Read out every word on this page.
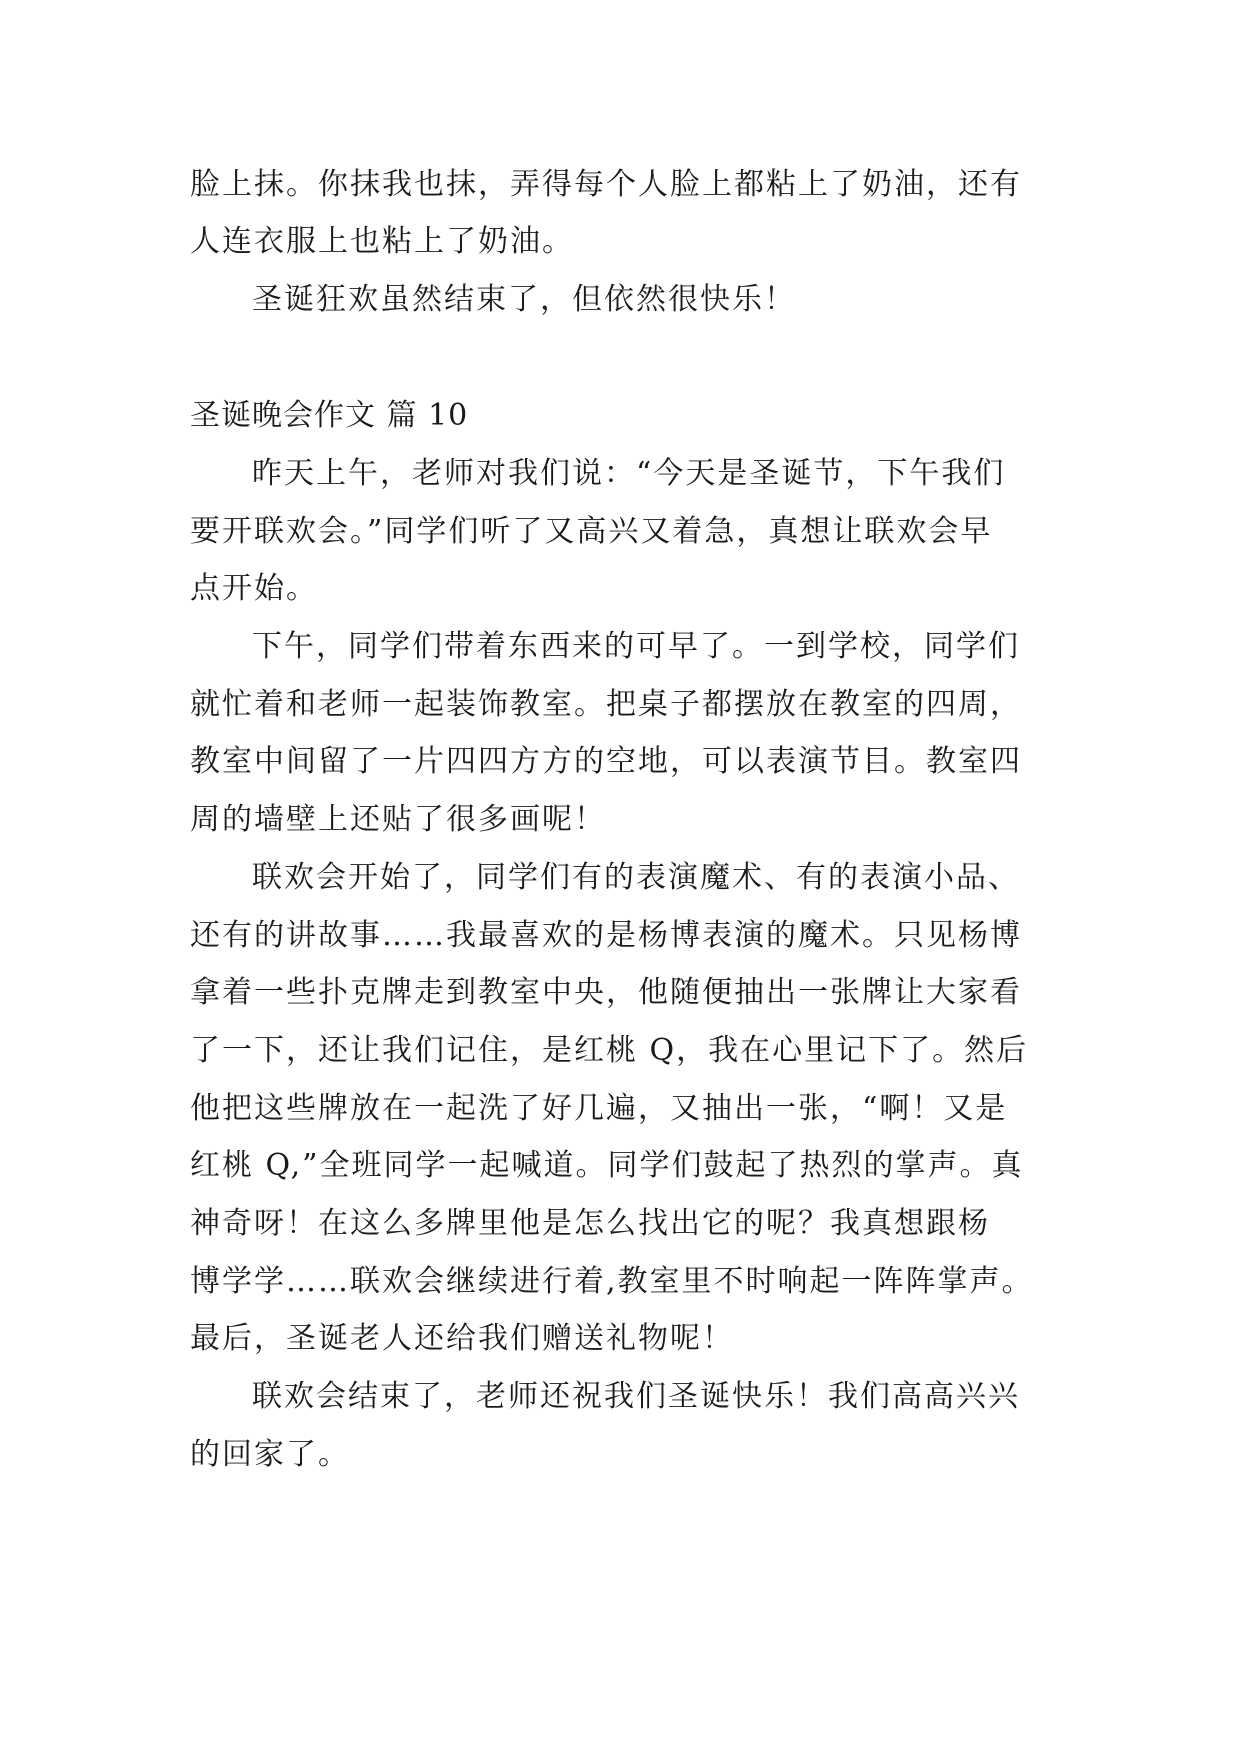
脸上抹。你抹我也抹，弄得每个人脸上都粘上了奶油，还有
人连衣服上也粘上了奶油。
圣诞狂欢虽然结束了，但依然很快乐！
圣诞晚会作文 篇 10
昨天上午，老师对我们说：“今天是圣诞节，下午我们
要开联欢会。”同学们听了又高兴又着急，真想让联欢会早
点开始。
下午，同学们带着东西来的可早了。一到学校，同学们
就忙着和老师一起装饰教室。把桌子都摆放在教室的四周，
教室中间留了一片四四方方的空地，可以表演节目。教室四
周的墙壁上还贴了很多画呢！
联欢会开始了，同学们有的表演魔术、有的表演小品、
还有的讲故事……我最喜欢的是杨博表演的魔术。只见杨博
拿着一些扑克牌走到教室中央，他随便抽出一张牌让大家看
了一下，还让我们记住，是红桃 Q，我在心里记下了。然后
他把这些牌放在一起洗了好几遍，又抽出一张，“啊！又是
红桃 Q,”全班同学一起喊道。同学们鼓起了热烈的掌声。真
神奇呀！在这么多牌里他是怎么找出它的呢？我真想跟杨
博学学……联欢会继续进行着,教室里不时响起一阵阵掌声。
最后，圣诞老人还给我们赠送礼物呢！
联欢会结束了，老师还祝我们圣诞快乐！我们高高兴兴
的回家了。
